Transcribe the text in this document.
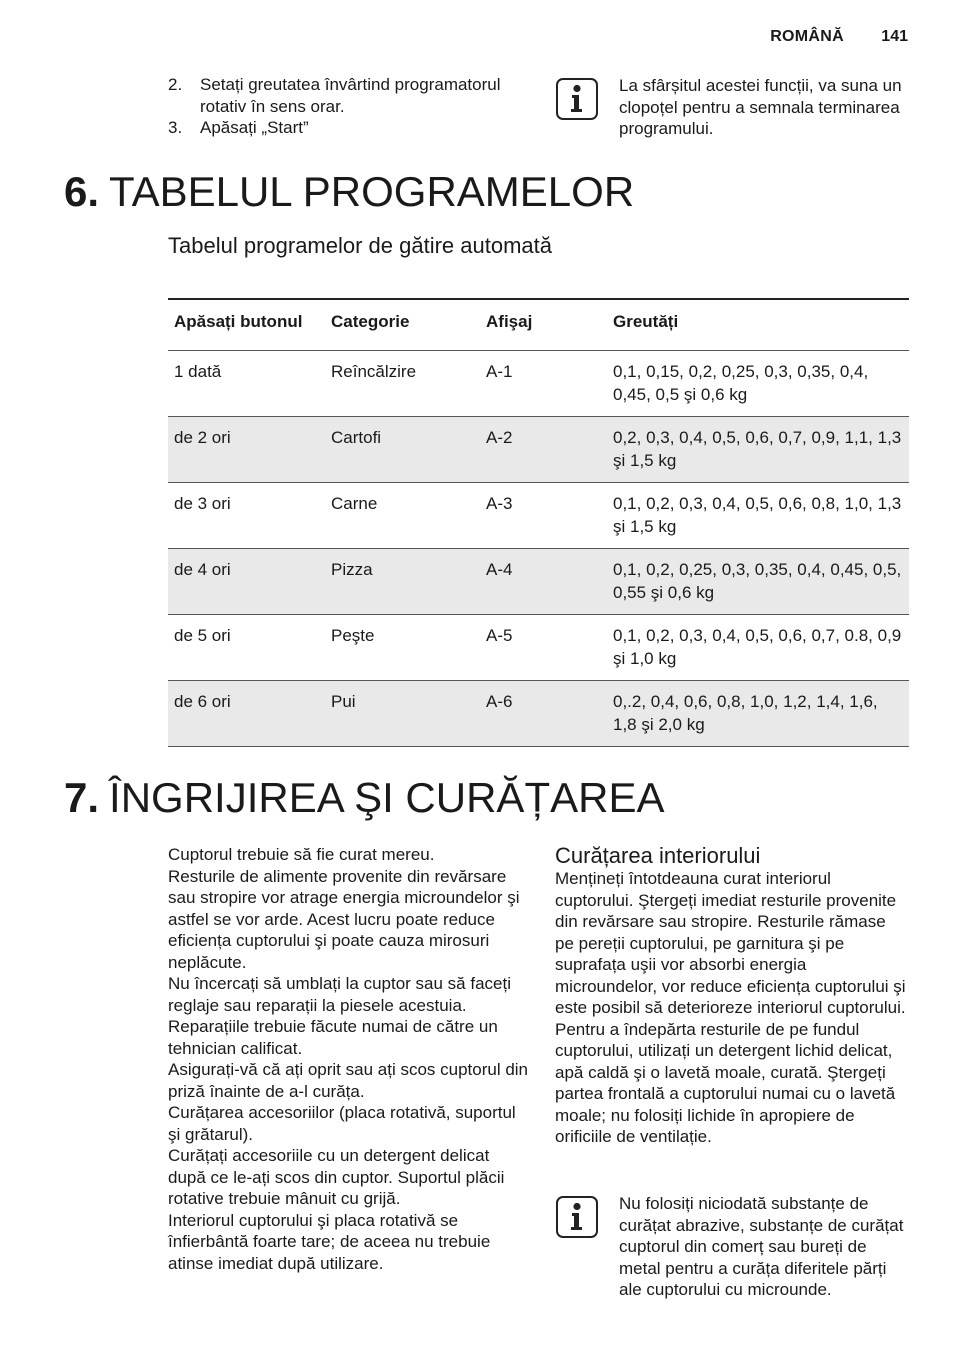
ROMÂNĂ 141
2. Setați greutatea învârtind programatorul rotativ în sens orar.
3. Apăsați „Start”
La sfârșitul acestei funcții, va suna un clopoțel pentru a semnala terminarea programului.
6. TABELUL PROGRAMELOR
Tabelul programelor de gătire automată
Apăsați butonul	Categorie	Afişaj	Greutăți
1 dată	Reîncălzire	A-1	0,1, 0,15, 0,2, 0,25, 0,3, 0,35, 0,4, 0,45, 0,5 şi 0,6 kg
de 2 ori	Cartofi	A-2	0,2, 0,3, 0,4, 0,5, 0,6, 0,7, 0,9, 1,1, 1,3 şi 1,5 kg
de 3 ori	Carne	A-3	0,1, 0,2, 0,3, 0,4, 0,5, 0,6, 0,8, 1,0, 1,3 şi 1,5 kg
de 4 ori	Pizza	A-4	0,1, 0,2, 0,25, 0,3, 0,35, 0,4, 0,45, 0,5, 0,55 şi 0,6 kg
de 5 ori	Peşte	A-5	0,1, 0,2, 0,3, 0,4, 0,5, 0,6, 0,7, 0.8, 0,9 şi 1,0 kg
de 6 ori	Pui	A-6	0,.2, 0,4, 0,6, 0,8, 1,0, 1,2, 1,4, 1,6, 1,8 şi 2,0 kg
7. ÎNGRIJIREA ŞI CURĂȚAREA
Cuptorul trebuie să fie curat mereu.
Resturile de alimente provenite din revărsare sau stropire vor atrage energia microundelor şi astfel se vor arde. Acest lucru poate reduce eficiența cuptorului şi poate cauza mirosuri neplăcute.
Nu încercați să umblați la cuptor sau să faceți reglaje sau reparații la piesele acestuia.
Reparațiile trebuie făcute numai de către un tehnician calificat.
Asigurați-vă că ați oprit sau ați scos cuptorul din priză înainte de a-l curăța.
Curățarea accesoriilor (placa rotativă, suportul şi grătarul).
Curățați accesoriile cu un detergent delicat după ce le-ați scos din cuptor. Suportul plăcii rotative trebuie mânuit cu grijă.
Interiorul cuptorului şi placa rotativă se înfierbântă foarte tare; de aceea nu trebuie atinse imediat după utilizare.
Curățarea interiorului
Mențineți întotdeauna curat interiorul cuptorului. Ştergeți imediat resturile provenite din revărsare sau stropire. Resturile rămase pe pereții cuptorului, pe garnitura şi pe suprafața uşii vor absorbi energia microundelor, vor reduce eficiența cuptorului şi este posibil să deterioreze interiorul cuptorului. Pentru a îndepărta resturile de pe fundul cuptorului, utilizați un detergent lichid delicat, apă caldă şi o lavetă moale, curată. Ştergeți partea frontală a cuptorului numai cu o lavetă moale; nu folosiți lichide în apropiere de orificiile de ventilație.
Nu folosiți niciodată substanțe de curățat abrazive, substanțe de curățat cuptorul din comerț sau bureți de metal pentru a curăța diferitele părți ale cuptorului cu microunde.
